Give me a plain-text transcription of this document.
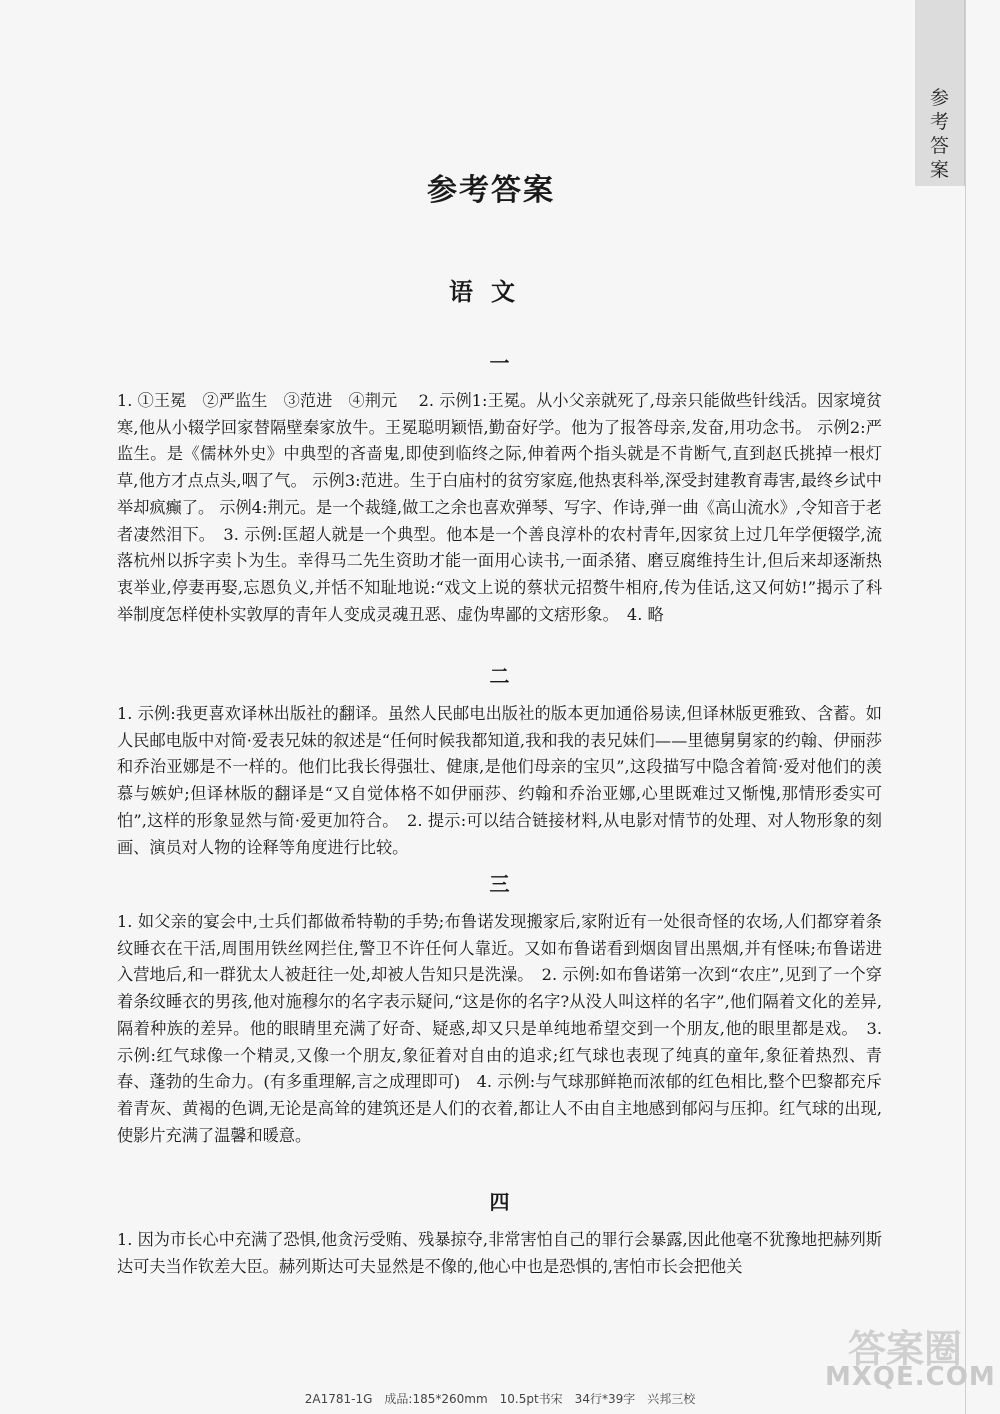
参
考
答
案
参考答案
语文
一

1. ①王冕　②严监生　③范进　④荆元　 2. 示例1:王冕。从小父亲就死了,母亲只能做些针线活。因家境贫寒,他从小辍学回家替隔壁秦家放牛。王冕聪明颖悟,勤奋好学。他为了报答母亲,发奋,用功念书。 示例2:严监生。是《儒林外史》中典型的吝啬鬼,即使到临终之际,伸着两个指头就是不肯断气,直到赵氏挑掉一根灯草,他方才点点头,咽了气。 示例3:范进。生于白庙村的贫穷家庭,他热衷科举,深受封建教育毒害,最终乡试中举却疯癫了。 示例4:荆元。是一个裁缝,做工之余也喜欢弹琴、写字、作诗,弹一曲《高山流水》,令知音于老者凄然泪下。　3. 示例:匡超人就是一个典型。他本是一个善良淳朴的农村青年,因家贫上过几年学便辍学,流落杭州以拆字卖卜为生。幸得马二先生资助才能一面用心读书,一面杀猪、磨豆腐维持生计,但后来却逐渐热衷举业,停妻再娶,忘恩负义,并恬不知耻地说:“戏文上说的蔡状元招赘牛相府,传为佳话,这又何妨!”揭示了科举制度怎样使朴实敦厚的青年人变成灵魂丑恶、虚伪卑鄙的文痞形象。　4. 略

二

1. 示例:我更喜欢译林出版社的翻译。虽然人民邮电出版社的版本更加通俗易读,但译林版更雅致、含蓄。如人民邮电版中对简·爱表兄妹的叙述是“任何时候我都知道,我和我的表兄妹们——里德舅舅家的约翰、伊丽莎和乔治亚娜是不一样的。他们比我长得强壮、健康,是他们母亲的宝贝”,这段描写中隐含着简·爱对他们的羡慕与嫉妒;但译林版的翻译是“又自觉体格不如伊丽莎、约翰和乔治亚娜,心里既难过又惭愧,那情形委实可怕”,这样的形象显然与简·爱更加符合。　2. 提示:可以结合链接材料,从电影对情节的处理、对人物形象的刻画、演员对人物的诠释等角度进行比较。

三

1. 如父亲的宴会中,士兵们都做希特勒的手势;布鲁诺发现搬家后,家附近有一处很奇怪的农场,人们都穿着条纹睡衣在干活,周围用铁丝网拦住,警卫不许任何人靠近。又如布鲁诺看到烟囱冒出黑烟,并有怪味;布鲁诺进入营地后,和一群犹太人被赶往一处,却被人告知只是洗澡。　2. 示例:如布鲁诺第一次到“农庄”,见到了一个穿着条纹睡衣的男孩,他对施穆尔的名字表示疑问,“这是你的名字?从没人叫这样的名字”,他们隔着文化的差异,隔着种族的差异。他的眼睛里充满了好奇、疑惑,却又只是单纯地希望交到一个朋友,他的眼里都是戏。　3. 示例:红气球像一个精灵,又像一个朋友,象征着对自由的追求;红气球也表现了纯真的童年,象征着热烈、青春、蓬勃的生命力。(有多重理解,言之成理即可)　4. 示例:与气球那鲜艳而浓郁的红色相比,整个巴黎都充斥着青灰、黄褐的色调,无论是高耸的建筑还是人们的衣着,都让人不由自主地感到郁闷与压抑。红气球的出现,使影片充满了温馨和暖意。

四

1. 因为市长心中充满了恐惧,他贪污受贿、残暴掠夺,非常害怕自己的罪行会暴露,因此他毫不犹豫地把赫列斯达可夫当作钦差大臣。赫列斯达可夫显然是不像的,他心中也是恐惧的,害怕市长会把他关

答案圈
MXQE.COM
2A1781-1G　成品:185*260mm　10.5pt书宋　34行*39字　兴邦三校
